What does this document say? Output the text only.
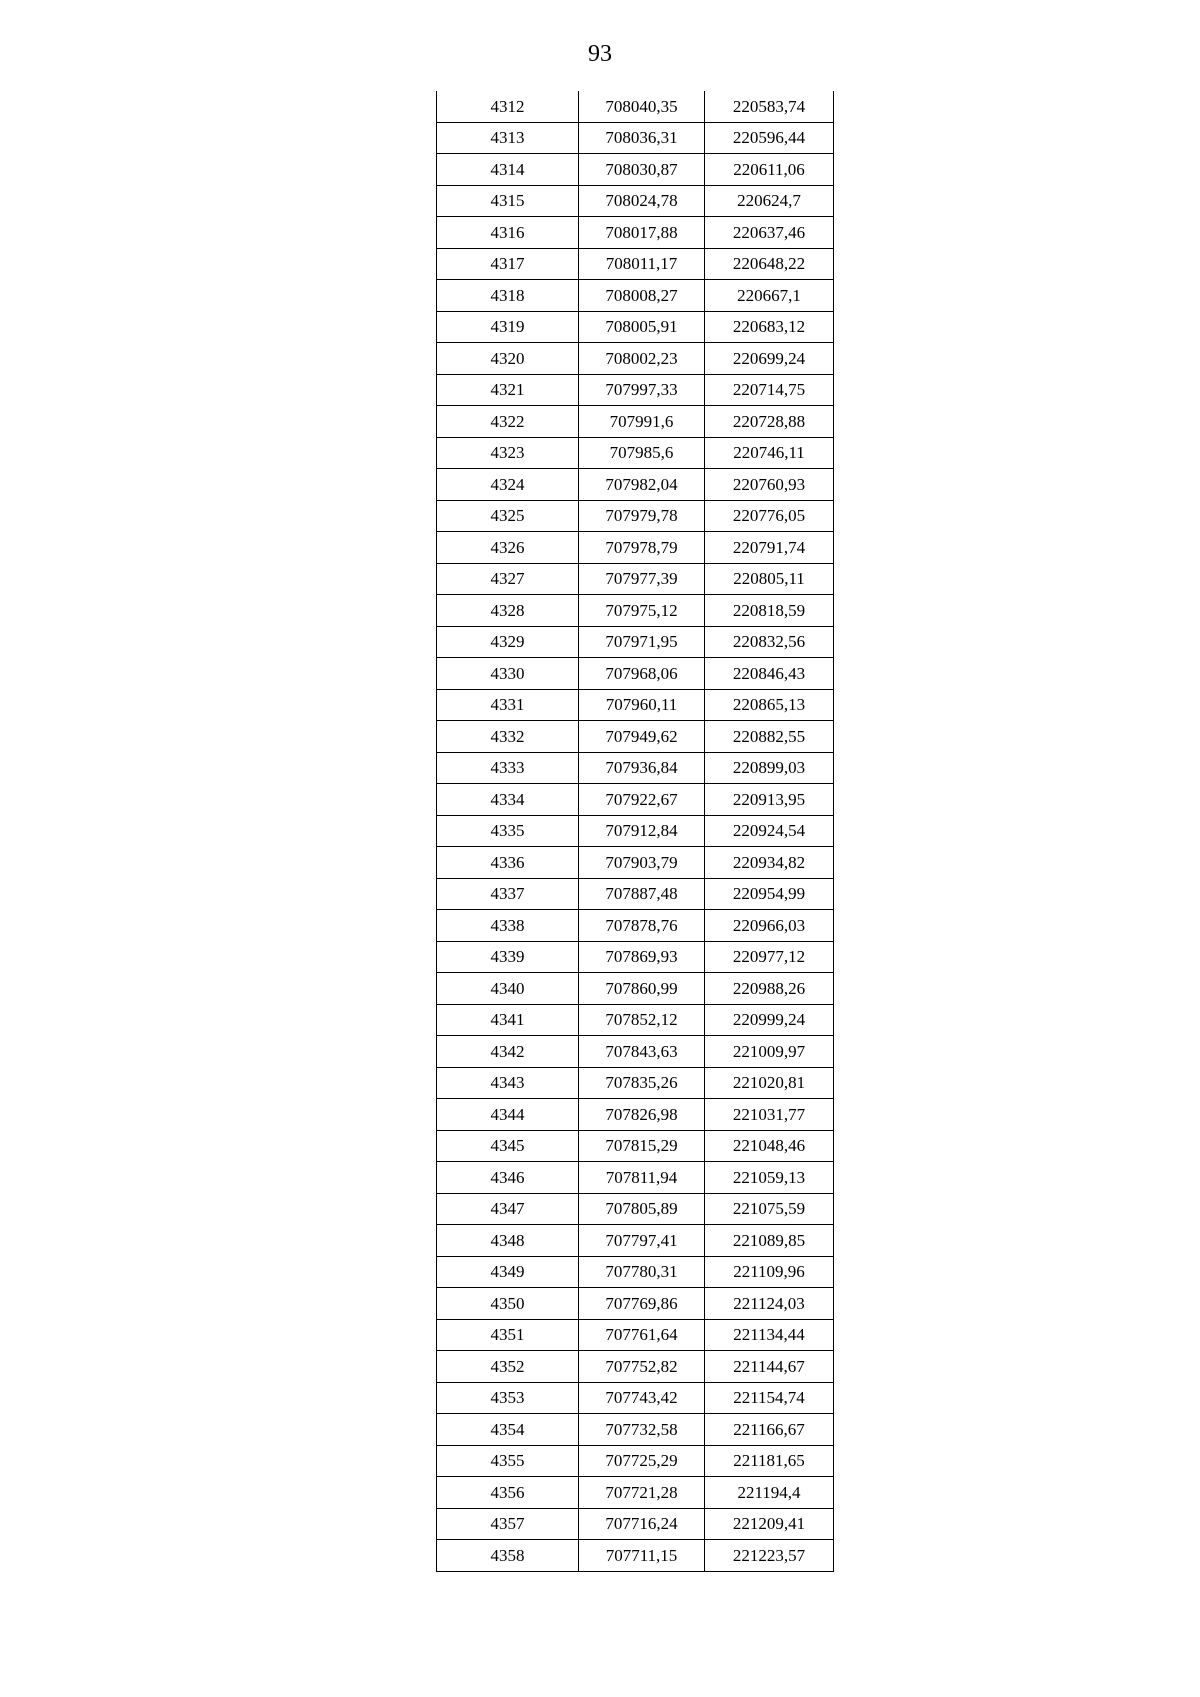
93
4312	708040,35	220583,74
4313	708036,31	220596,44
4314	708030,87	220611,06
4315	708024,78	220624,7
4316	708017,88	220637,46
4317	708011,17	220648,22
4318	708008,27	220667,1
4319	708005,91	220683,12
4320	708002,23	220699,24
4321	707997,33	220714,75
4322	707991,6	220728,88
4323	707985,6	220746,11
4324	707982,04	220760,93
4325	707979,78	220776,05
4326	707978,79	220791,74
4327	707977,39	220805,11
4328	707975,12	220818,59
4329	707971,95	220832,56
4330	707968,06	220846,43
4331	707960,11	220865,13
4332	707949,62	220882,55
4333	707936,84	220899,03
4334	707922,67	220913,95
4335	707912,84	220924,54
4336	707903,79	220934,82
4337	707887,48	220954,99
4338	707878,76	220966,03
4339	707869,93	220977,12
4340	707860,99	220988,26
4341	707852,12	220999,24
4342	707843,63	221009,97
4343	707835,26	221020,81
4344	707826,98	221031,77
4345	707815,29	221048,46
4346	707811,94	221059,13
4347	707805,89	221075,59
4348	707797,41	221089,85
4349	707780,31	221109,96
4350	707769,86	221124,03
4351	707761,64	221134,44
4352	707752,82	221144,67
4353	707743,42	221154,74
4354	707732,58	221166,67
4355	707725,29	221181,65
4356	707721,28	221194,4
4357	707716,24	221209,41
4358	707711,15	221223,57
